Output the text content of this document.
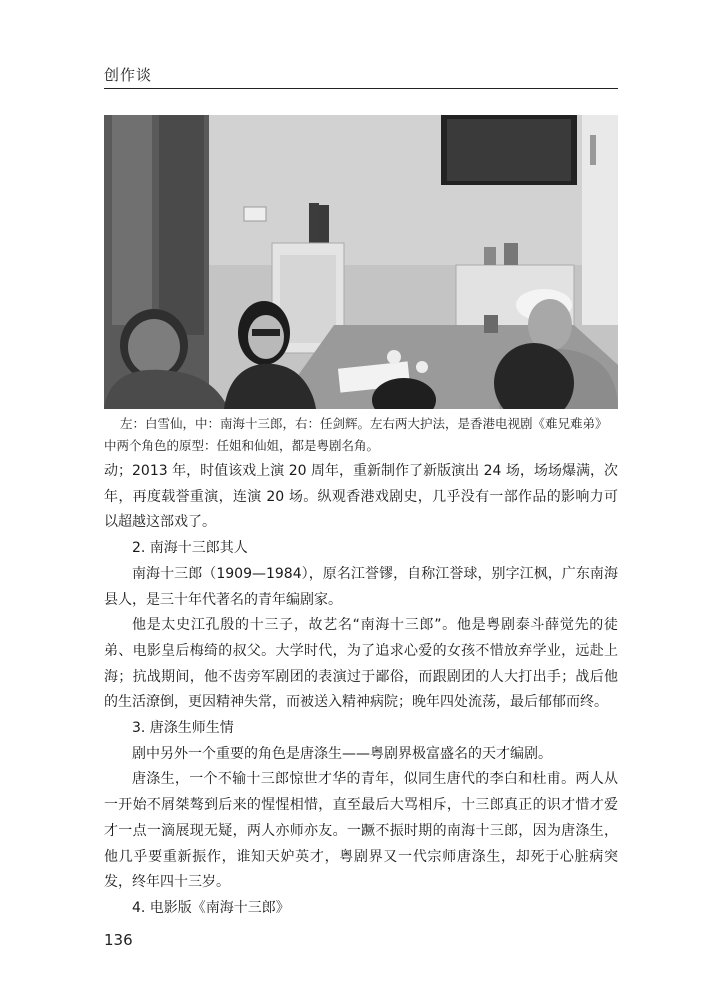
创作谈
左：白雪仙，中：南海十三郎，右：任剑辉。左右两大护法，是香港电视剧《难兄难弟》
中两个角色的原型：任姐和仙姐，都是粤剧名角。

动；2013 年，时值该戏上演 20 周年，重新制作了新版演出 24 场，场场爆满，次年，再度载誉重演，连演 20 场。纵观香港戏剧史，几乎没有一部作品的影响力可以超越这部戏了。

2. 南海十三郎其人

南海十三郎（1909—1984），原名江誉镠，自称江誉球，别字江枫，广东南海县人，是三十年代著名的青年编剧家。

他是太史江孔殷的十三子，故艺名“南海十三郎”。他是粤剧泰斗薛觉先的徒弟、电影皇后梅绮的叔父。大学时代，为了追求心爱的女孩不惜放弃学业，远赴上海；抗战期间，他不齿旁军剧团的表演过于鄙俗，而跟剧团的人大打出手；战后他的生活潦倒，更因精神失常，而被送入精神病院；晚年四处流荡，最后郁郁而终。

3. 唐涤生师生情

剧中另外一个重要的角色是唐涤生——粤剧界极富盛名的天才编剧。

唐涤生，一个不输十三郎惊世才华的青年，似同生唐代的李白和杜甫。两人从一开始不屑桀骜到后来的惺惺相惜，直至最后大骂相斥，十三郎真正的识才惜才爱才一点一滴展现无疑，两人亦师亦友。一蹶不振时期的南海十三郎，因为唐涤生，他几乎要重新振作，谁知天妒英才，粤剧界又一代宗师唐涤生，却死于心脏病突发，终年四十三岁。

4. 电影版《南海十三郎》

136
